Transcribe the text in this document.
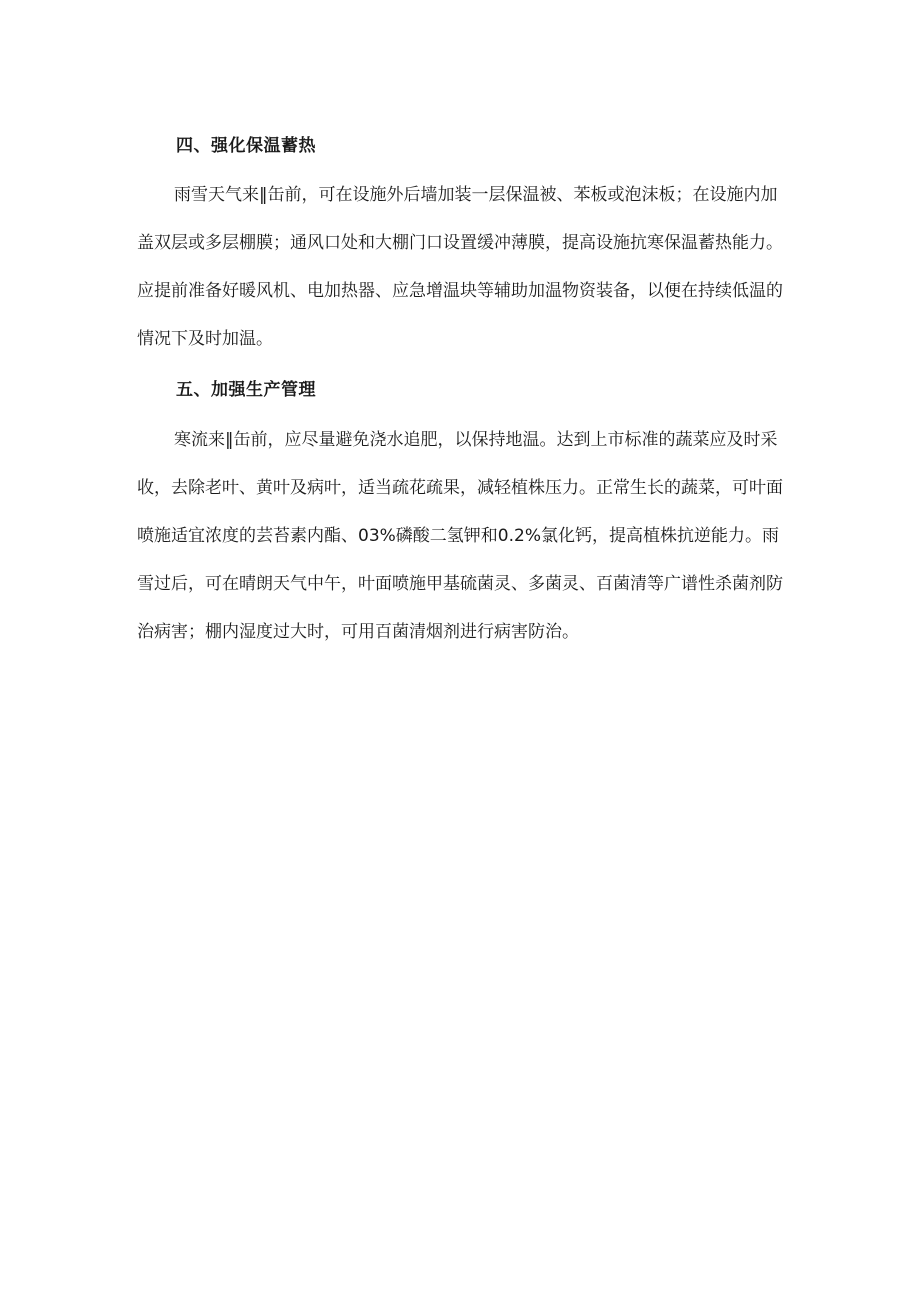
四、强化保温蓄热
雨雪天气来‖缶前，可在设施外后墙加装一层保温被、苯板或泡沫板；在设施内加
盖双层或多层棚膜；通风口处和大棚门口设置缓冲薄膜，提高设施抗寒保温蓄热能力。
应提前准备好暖风机、电加热器、应急增温块等辅助加温物资装备，以便在持续低温的
情况下及时加温。
五、加强生产管理
寒流来‖缶前，应尽量避免浇水追肥，以保持地温。达到上市标准的蔬菜应及时采
收，去除老叶、黄叶及病叶，适当疏花疏果，减轻植株压力。正常生长的蔬菜，可叶面
喷施适宜浓度的芸苔素内酯、03%磷酸二氢钾和0.2%氯化钙，提高植株抗逆能力。雨
雪过后，可在晴朗天气中午，叶面喷施甲基硫菌灵、多菌灵、百菌清等广谱性杀菌剂防
治病害；棚内湿度过大时，可用百菌清烟剂进行病害防治。
